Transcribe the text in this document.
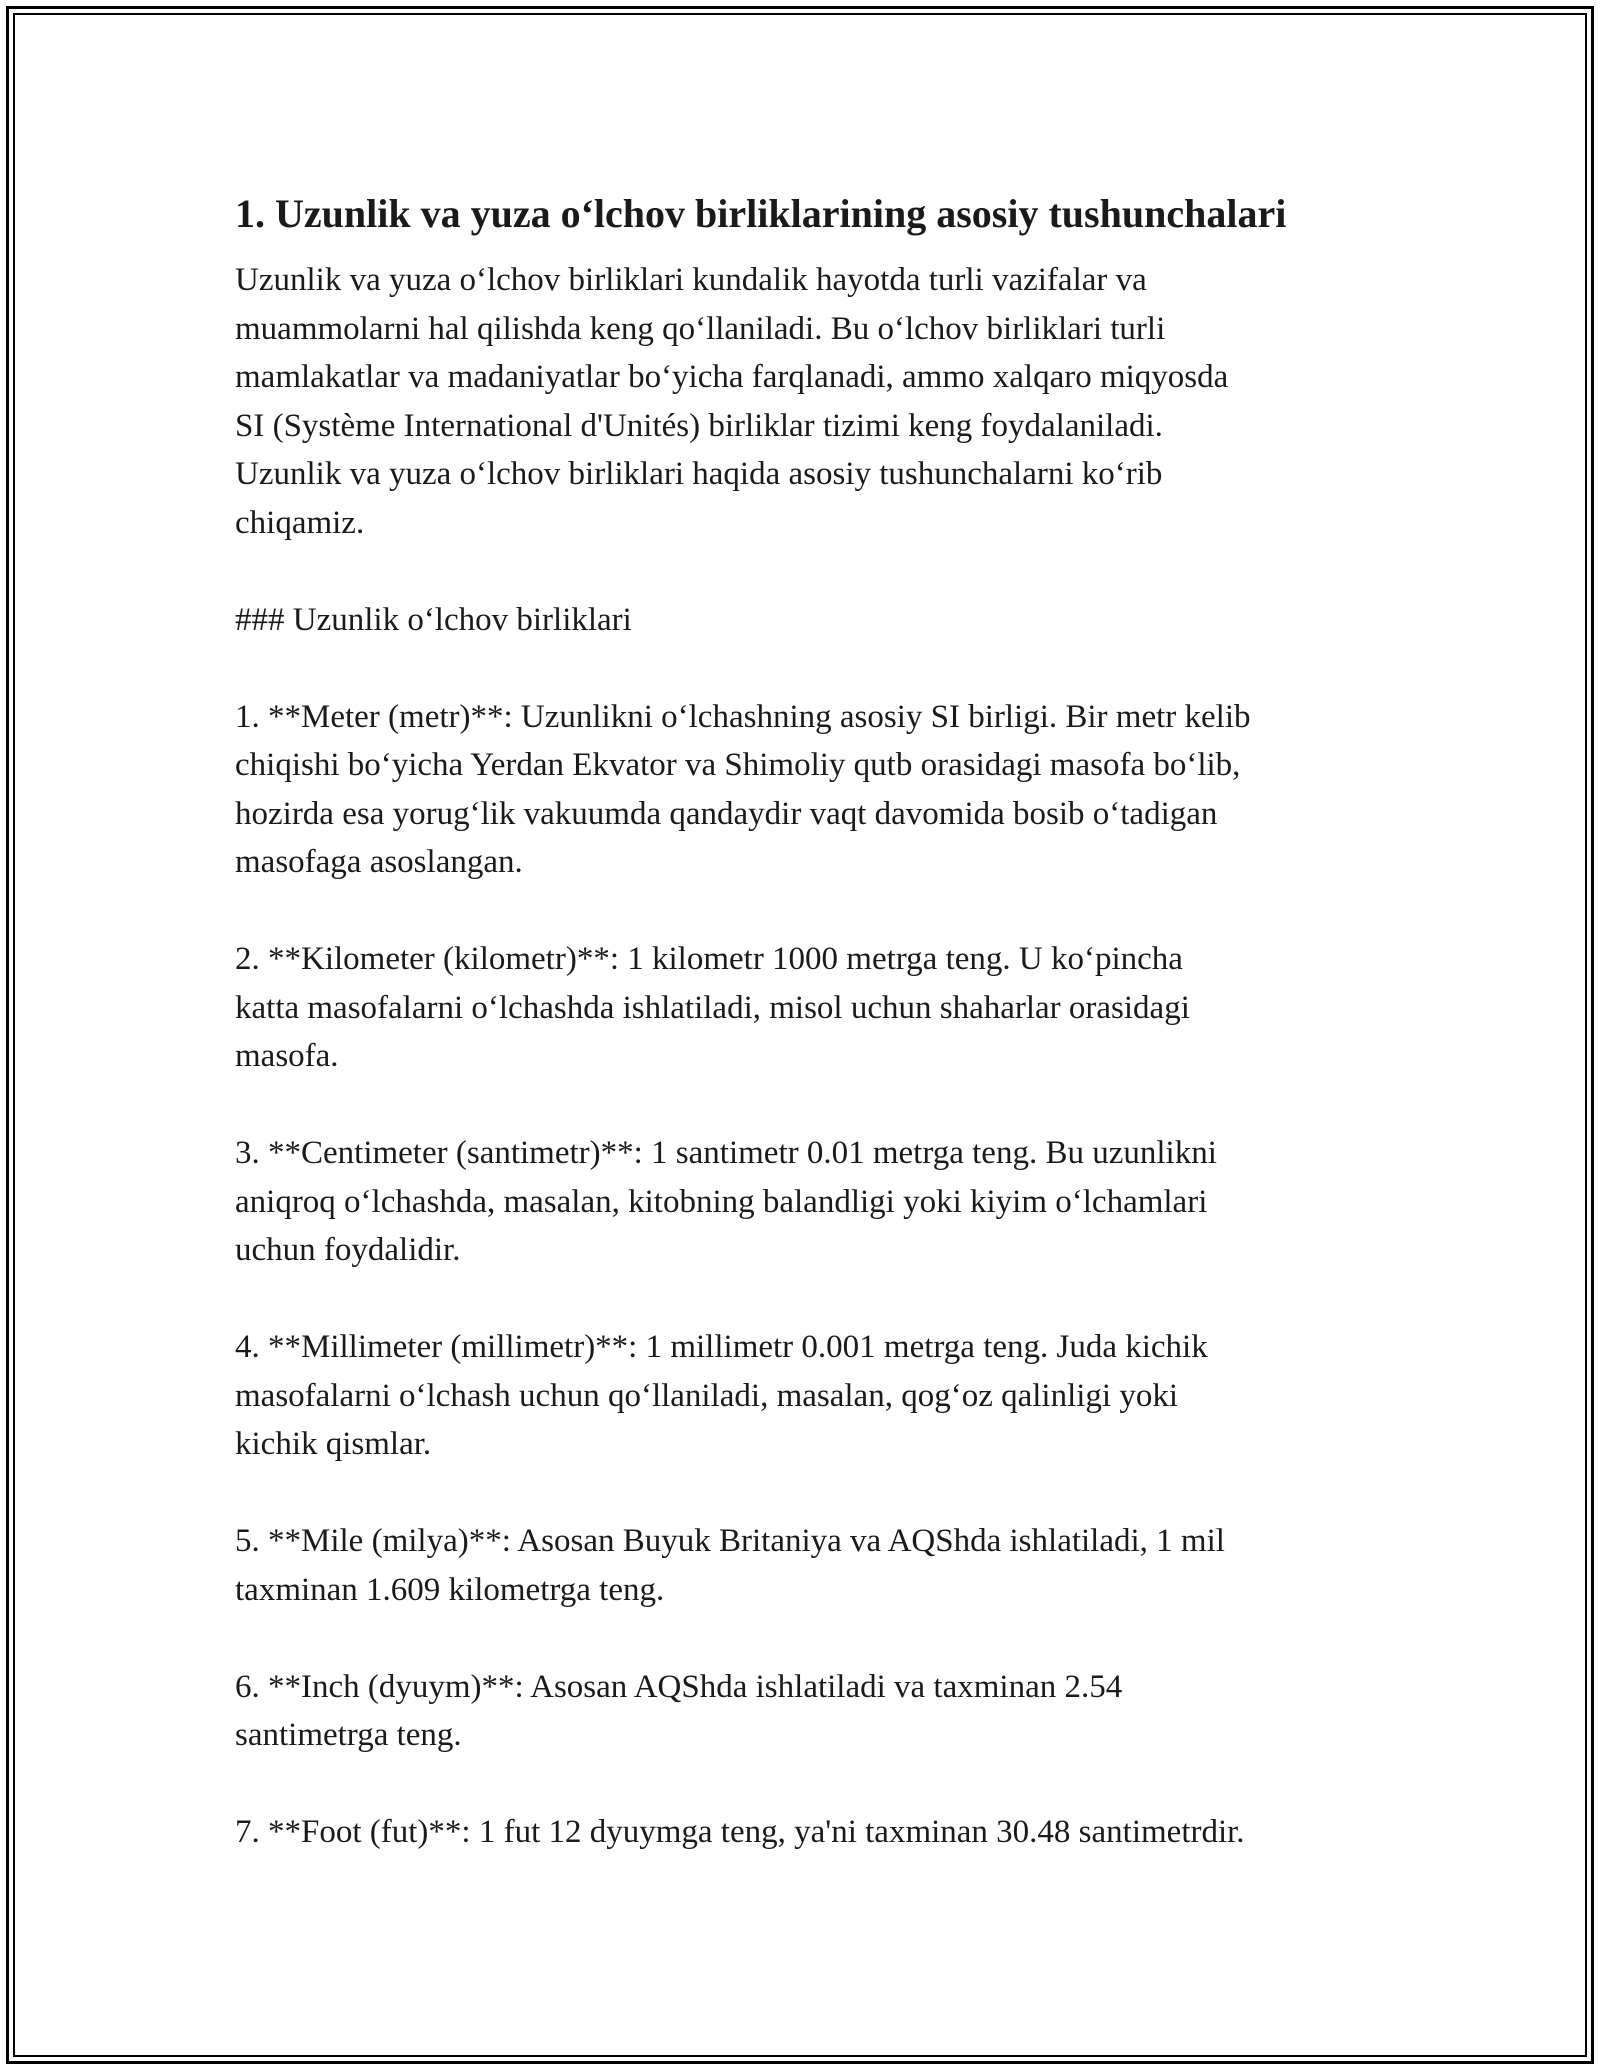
1. Uzunlik va yuza o‘lchov birliklarining asosiy tushunchalari

Uzunlik va yuza o‘lchov birliklari kundalik hayotda turli vazifalar va
muammolarni hal qilishda keng qo‘llaniladi. Bu o‘lchov birliklari turli
mamlakatlar va madaniyatlar bo‘yicha farqlanadi, ammo xalqaro miqyosda
SI (Système International d'Unités) birliklar tizimi keng foydalaniladi.
Uzunlik va yuza o‘lchov birliklari haqida asosiy tushunchalarni ko‘rib
chiqamiz.

### Uzunlik o‘lchov birliklari

1. **Meter (metr)**: Uzunlikni o‘lchashning asosiy SI birligi. Bir metr kelib
chiqishi bo‘yicha Yerdan Ekvator va Shimoliy qutb orasidagi masofa bo‘lib,
hozirda esa yorug‘lik vakuumda qandaydir vaqt davomida bosib o‘tadigan
masofaga asoslangan.

2. **Kilometer (kilometr)**: 1 kilometr 1000 metrga teng. U ko‘pincha
katta masofalarni o‘lchashda ishlatiladi, misol uchun shaharlar orasidagi
masofa.

3. **Centimeter (santimetr)**: 1 santimetr 0.01 metrga teng. Bu uzunlikni
aniqroq o‘lchashda, masalan, kitobning balandligi yoki kiyim o‘lchamlari
uchun foydalidir.

4. **Millimeter (millimetr)**: 1 millimetr 0.001 metrga teng. Juda kichik
masofalarni o‘lchash uchun qo‘llaniladi, masalan, qog‘oz qalinligi yoki
kichik qismlar.

5. **Mile (milya)**: Asosan Buyuk Britaniya va AQShda ishlatiladi, 1 mil
taxminan 1.609 kilometrga teng.

6. **Inch (dyuym)**: Asosan AQShda ishlatiladi va taxminan 2.54
santimetrga teng.

7. **Foot (fut)**: 1 fut 12 dyuymga teng, ya'ni taxminan 30.48 santimetrdir.
